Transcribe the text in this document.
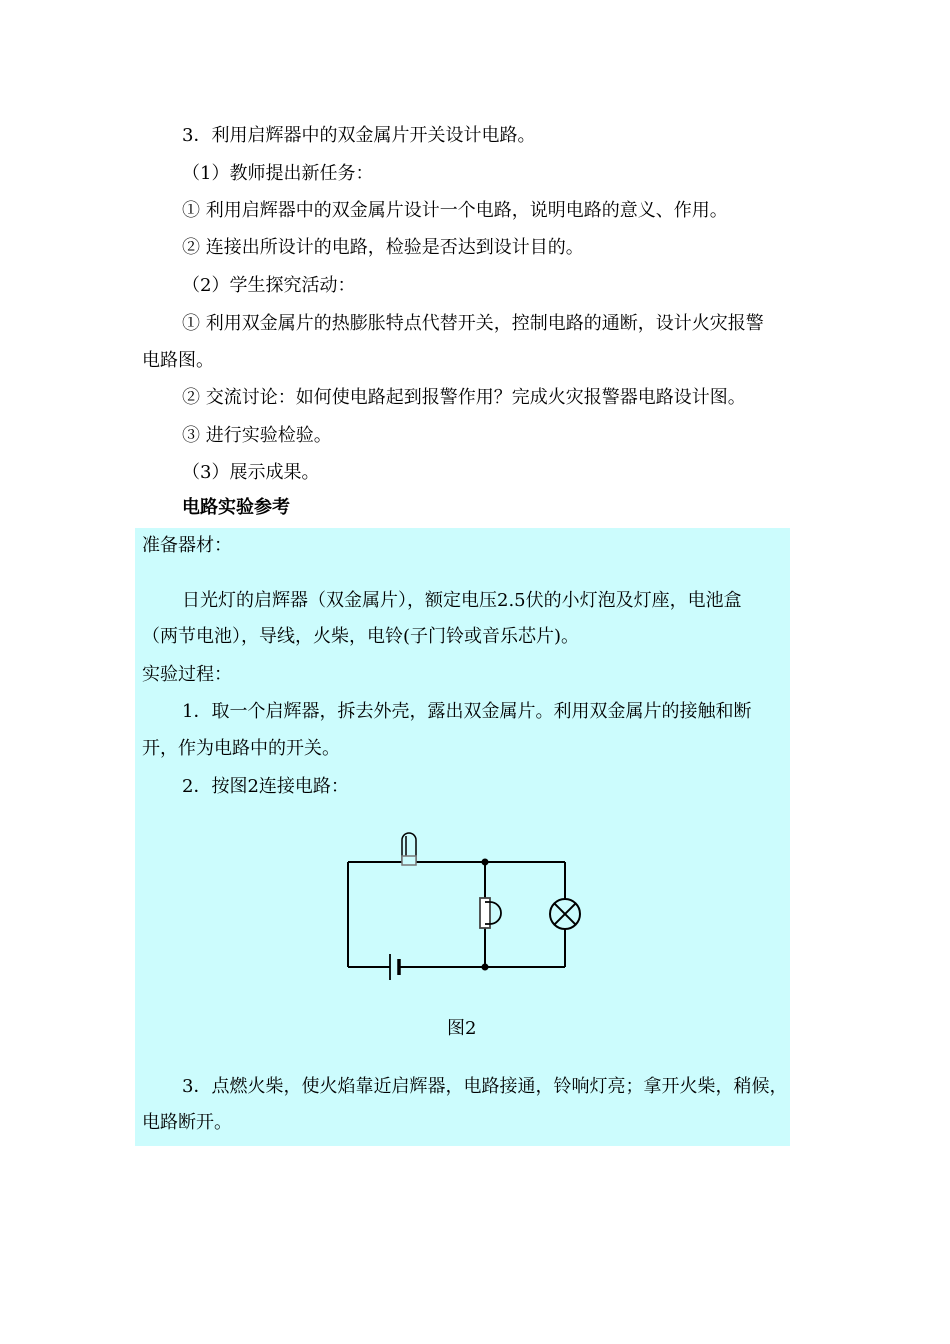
3．利用启辉器中的双金属片开关设计电路。
（1）教师提出新任务：
① 利用启辉器中的双金属片设计一个电路，说明电路的意义、作用。
② 连接出所设计的电路，检验是否达到设计目的。
（2）学生探究活动：
① 利用双金属片的热膨胀特点代替开关，控制电路的通断，设计火灾报警
电路图。
② 交流讨论：如何使电路起到报警作用？完成火灾报警器电路设计图。
③ 进行实验检验。
（3）展示成果。
电路实验参考
准备器材：
日光灯的启辉器（双金属片），额定电压2.5伏的小灯泡及灯座，电池盒
（两节电池），导线，火柴，电铃(子门铃或音乐芯片)。
实验过程：
1．取一个启辉器，拆去外壳，露出双金属片。利用双金属片的接触和断
开，作为电路中的开关。
2．按图2连接电路：
图2
3．点燃火柴，使火焰靠近启辉器，电路接通，铃响灯亮；拿开火柴，稍候，
电路断开。
